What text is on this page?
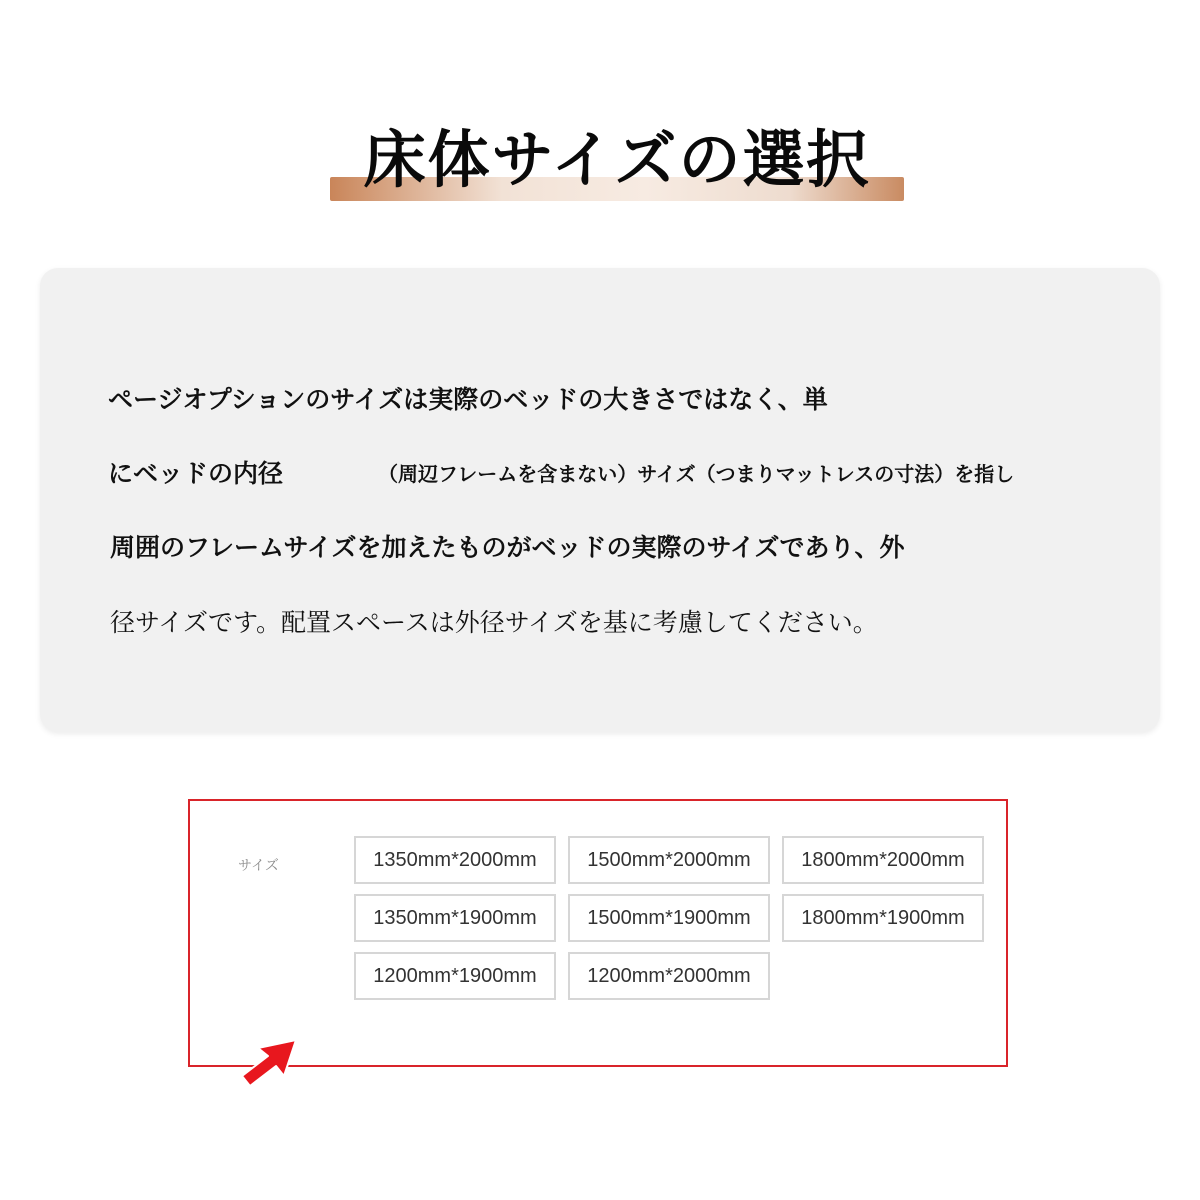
床体サイズの選択
ページオプションのサイズは実際のベッドの大きさではなく、単
にベッドの内径	（周辺フレームを含まない）サイズ（つまりマットレスの寸法）を指し
周囲のフレームサイズを加えたものがベッドの実際のサイズであり、外
径サイズです。配置スペースは外径サイズを基に考慮してください。
サイズ	1350mm*2000mm	1500mm*2000mm	1800mm*2000mm
1350mm*1900mm	1500mm*1900mm	1800mm*1900mm
1200mm*1900mm	1200mm*2000mm
